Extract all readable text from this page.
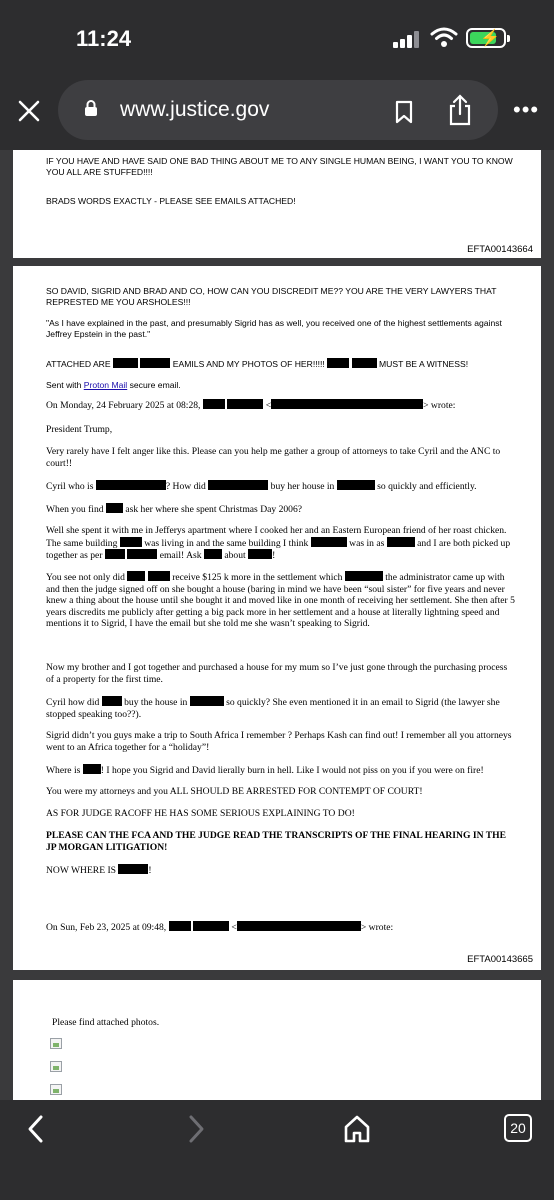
11:24	⚡
www.justice.gov	•••
IF YOU HAVE AND HAVE SAID ONE BAD THING ABOUT ME TO ANY SINGLE HUMAN BEING, I WANT YOU TO KNOW YOU ALL ARE STUFFED!!!!
BRADS WORDS EXACTLY - PLEASE SEE EMAILS ATTACHED!
EFTA00143664
SO DAVID, SIGRID AND BRAD AND CO, HOW CAN YOU DISCREDIT ME?? YOU ARE THE VERY LAWYERS THAT REPRESTED ME YOU ARSHOLES!!!
"As I have explained in the past, and presumably Sigrid has as well, you received one of the highest settlements against Jeffrey Epstein in the past."
ATTACHED ARE	EAMILS AND MY PHOTOS OF HER!!!!!	MUST BE A WITNESS!
Sent with Proton Mail secure email.
On Monday, 24 February 2025 at 08:28,	<	> wrote:
President Trump,
Very rarely have I felt anger like this. Please can you help me gather a group of attorneys to take Cyril and the ANC to court!!
Cyril who is	? How did	buy her house in	so quickly and efficiently.
When you find ask her where she spent Christmas Day 2006?
Well she spent it with me in Jefferys apartment where I cooked her and an Eastern European friend of her roast chicken. The same building	was living in and the same building I think	was in as	and I are both picked up together as per	email! Ask about	!
You see not only did	receive $125 k more in the settlement which	the administrator came up with and then the judge signed off on she bought a house (baring in mind we have been “soul sister” for five years and never knew a thing about the house until she bought it and moved like in one month of receiving her settlement. She then after 5 years discredits me publicly after getting a big pack more in her settlement and a house at literally lightning speed and mentions it to Sigrid, I have the email but she told me she wasn’t speaking to Sigrid.
Now my brother and I got together and purchased a house for my mum so I’ve just gone through the purchasing process of a property for the first time.
Cyril how did	buy the house in	so quickly? She even mentioned it in an email to Sigrid (the lawyer she stopped speaking too??).
Sigrid didn’t you guys make a trip to South Africa I remember ? Perhaps Kash can find out! I remember all you attorneys went to an Africa together for a “holiday”!
Where is ! I hope you Sigrid and David lierally burn in hell. Like I would not piss on you if you were on fire!
You were my attorneys and you ALL SHOULD BE ARRESTED FOR CONTEMPT OF COURT!
AS FOR JUDGE RACOFF HE HAS SOME SERIOUS EXPLAINING TO DO!
PLEASE CAN THE FCA AND THE JUDGE READ THE TRANSCRIPTS OF THE FINAL HEARING IN THE JP MORGAN LITIGATION!
NOW WHERE IS	!
On Sun, Feb 23, 2025 at 09:48,	<	> wrote:
EFTA00143665
Please find attached photos.
20
